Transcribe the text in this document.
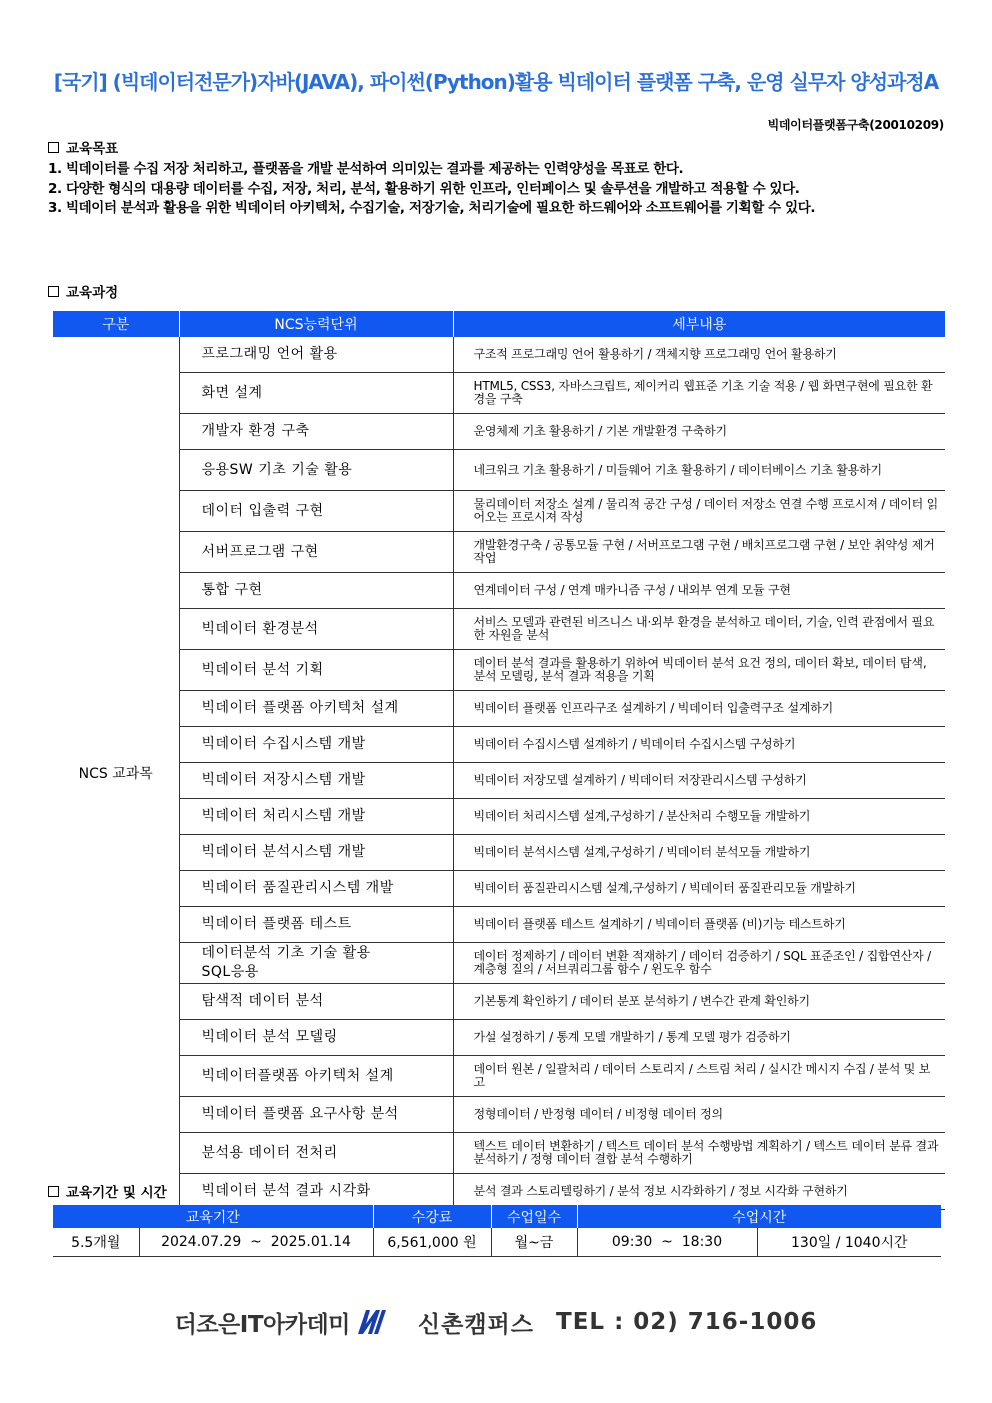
[국기] (빅데이터전문가)자바(JAVA), 파이썬(Python)활용 빅데이터 플랫폼 구축, 운영 실무자 양성과정A
빅데이터플랫폼구축(20010209)
교육목표

1. 빅데이터를 수집 저장 처리하고, 플랫폼을 개발 분석하여 의미있는 결과를 제공하는 인력양성을 목표로 한다.

2. 다양한 형식의 대용량 데이터를 수집, 저장, 처리, 분석, 활용하기 위한 인프라, 인터페이스 및 솔루션을 개발하고 적용할 수 있다.

3. 빅데이터 분석과 활용을 위한 빅데이터 아키텍처, 수집기술, 저장기술, 처리기술에 필요한 하드웨어와 소프트웨어를 기획할 수 있다.

교육과정
구분	NCS능력단위	세부내용
NCS 교과목	프로그래밍 언어 활용	구조적 프로그래밍 언어 활용하기 / 객체지향 프로그래밍 언어 활용하기
	화면 설계	HTML5, CSS3, 자바스크립트, 제이커리 웹표준 기초 기술 적용 / 웹 화면구현에 필요한 환경을 구축
	개발자 환경 구축	운영체제 기초 활용하기 / 기본 개발환경 구축하기
	응용SW 기초 기술 활용	네크워크 기초 활용하기 / 미들웨어 기초 활용하기 / 데이터베이스 기초 활용하기
	데이터 입출력 구현	물리데이터 저장소 설계 / 물리적 공간 구성 / 데이터 저장소 연결 수행 프로시져 / 데이터 읽어오는 프로시져 작성
	서버프로그램 구현	개발환경구축 / 공통모듈 구현 / 서버프로그램 구현 / 배치프로그램 구현 / 보안 취약성 제거 작업
	통합 구현	연계데이터 구성 / 연계 매카니즘 구성 / 내외부 연계 모듈 구현
	빅데이터 환경분석	서비스 모델과 관련된 비즈니스 내·외부 환경을 분석하고 데이터, 기술, 인력 관점에서 필요한 자원을 분석
	빅데이터 분석 기획	데이터 분석 결과를 활용하기 위하여 빅데이터 분석 요건 정의, 데이터 확보, 데이터 탐색, 분석 모델링, 분석 결과 적용을 기획
	빅데이터 플랫폼 아키텍처 설계	빅데이터 플랫폼 인프라구조 설계하기 / 빅데이터 입출력구조 설계하기
	빅데이터 수집시스템 개발	빅데이터 수집시스템 설계하기 / 빅데이터 수집시스템 구성하기
	빅데이터 저장시스템 개발	빅데이터 저장모델 설계하기 / 빅데이터 저장관리시스템 구성하기
	빅데이터 처리시스템 개발	빅데이터 처리시스템 설계,구성하기 / 분산처리 수행모듈 개발하기
	빅데이터 분석시스템 개발	빅데이터 분석시스템 설계,구성하기 / 빅데이터 분석모듈 개발하기
	빅데이터 품질관리시스템 개발	빅데이터 품질관리시스템 설계,구성하기 / 빅데이터 품질관리모듈 개발하기
	빅데이터 플랫폼 테스트	빅데이터 플랫폼 테스트 설계하기 / 빅데이터 플랫폼 (비)기능 테스트하기
	데이터분석 기초 기술 활용 SQL응용	데이터 정제하기 / 데이터 변환 적재하기 / 데이터 검증하기 / SQL 표준조인 / 집합연산자 / 계층형 질의 / 서브쿼리그룹 함수 / 윈도우 함수
	탐색적 데이터 분석	기본통계 확인하기 / 데이터 분포 분석하기 / 변수간 관계 확인하기
	빅데이터 분석 모델링	가설 설정하기 / 통계 모델 개발하기 / 통계 모델 평가 검증하기
	빅데이터플랫폼 아키텍처 설계	데이터 원본 / 일괄처리 / 데이터 스토리지 / 스트림 처리 / 실시간 메시지 수집 / 분석 및 보고
	빅데이터 플랫폼 요구사항 분석	정형데이터 / 반정형 데이터 / 비정형 데이터 정의
	분석용 데이터 전처리	텍스트 데이터 변환하기 / 텍스트 데이터 분석 수행방법 계획하기 / 텍스트 데이터 분류 결과 분석하기 / 정형 데이터 결합 분석 수행하기
	빅데이터 분석 결과 시각화	분석 결과 스토리텔링하기 / 분석 정보 시각화하기 / 정보 시각화 구현하기
교육기간 및 시간
교육기간		수강료	수업일수	수업시간	
5.5개월	2024.07.29  ~  2025.01.14	6,561,000 원	월~금	09:30  ~  18:30	130일 / 1040시간
더조은IT아카데미	신촌캠퍼스 TEL : 02) 716-1006
